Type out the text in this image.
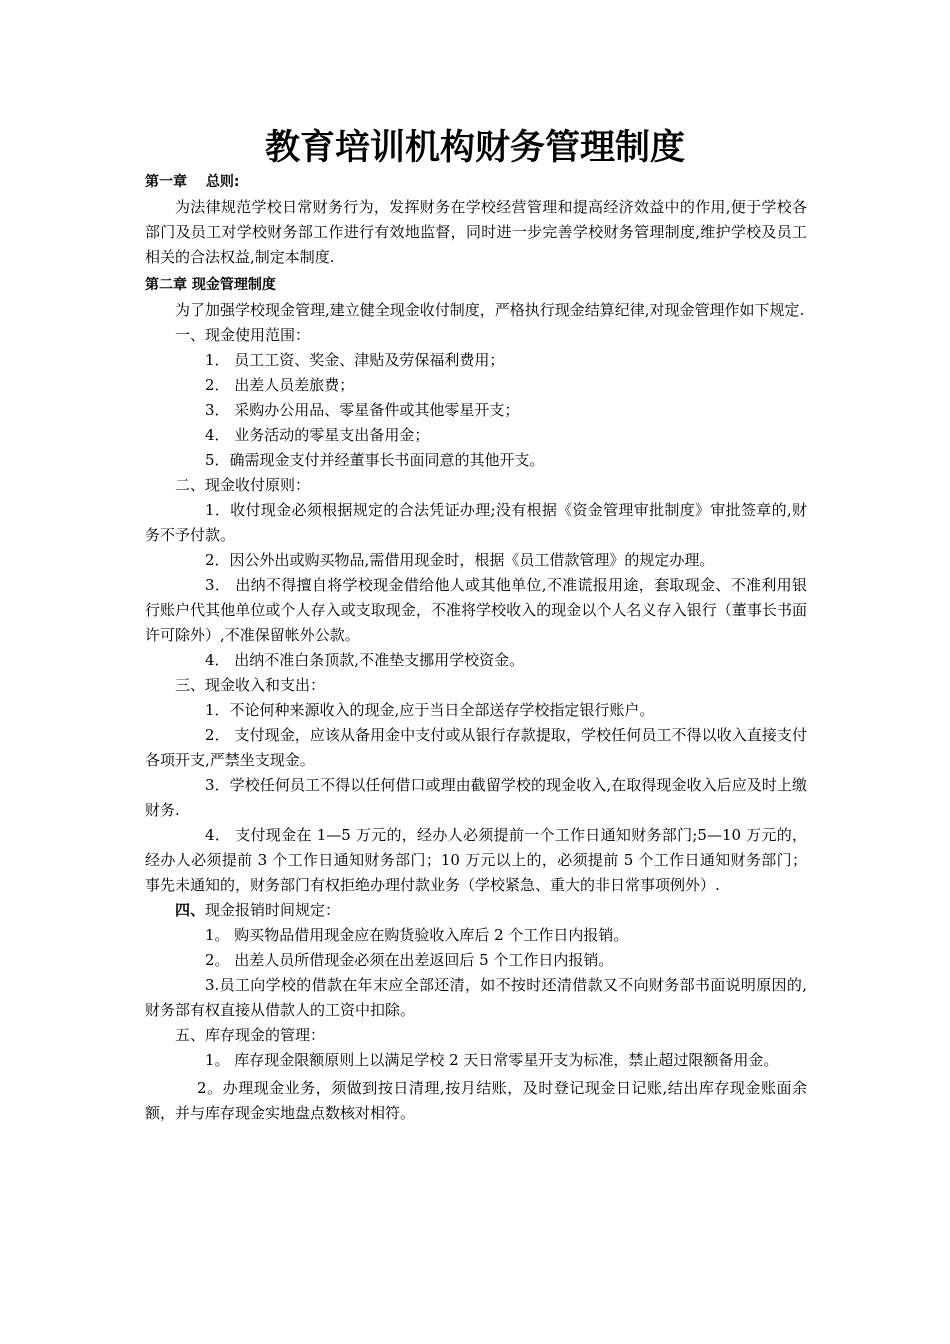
教育培训机构财务管理制度

第一章　 总则:

为法律规范学校日常财务行为，发挥财务在学校经营管理和提高经济效益中的作用,便于学校各部门及员工对学校财务部工作进行有效地监督，同时进一步完善学校财务管理制度,维护学校及员工相关的合法权益,制定本制度.

第二章 现金管理制度

为了加强学校现金管理,建立健全现金收付制度，严格执行现金结算纪律,对现金管理作如下规定.

一、现金使用范围：

1． 员工工资、奖金、津贴及劳保福利费用；

2． 出差人员差旅费；

3． 采购办公用品、零星备件或其他零星开支；

4． 业务活动的零星支出备用金；

5．确需现金支付并经董事长书面同意的其他开支。

二、现金收付原则：

1．收付现金必须根据规定的合法凭证办理;没有根据《资金管理审批制度》审批签章的,财务不予付款。

2．因公外出或购买物品,需借用现金时，根据《员工借款管理》的规定办理。

3． 出纳不得擅自将学校现金借给他人或其他单位,不准谎报用途，套取现金、不准利用银行账户代其他单位或个人存入或支取现金，不准将学校收入的现金以个人名义存入银行（董事长书面许可除外）,不准保留帐外公款。

4． 出纳不准白条顶款,不准垫支挪用学校资金。

三、现金收入和支出：

1．不论何种来源收入的现金,应于当日全部送存学校指定银行账户。

2． 支付现金，应该从备用金中支付或从银行存款提取，学校任何员工不得以收入直接支付各项开支,严禁坐支现金。

3．学校任何员工不得以任何借口或理由截留学校的现金收入,在取得现金收入后应及时上缴财务.

4． 支付现金在 1—5 万元的，经办人必须提前一个工作日通知财务部门;5—10 万元的，经办人必须提前 3 个工作日通知财务部门；10 万元以上的，必须提前 5 个工作日通知财务部门；事先未通知的，财务部门有权拒绝办理付款业务（学校紧急、重大的非日常事项例外）.

四、现金报销时间规定：

1。 购买物品借用现金应在购货验收入库后 2 个工作日内报销。

2。 出差人员所借现金必须在出差返回后 5 个工作日内报销。

3.员工向学校的借款在年末应全部还清，如不按时还清借款又不向财务部书面说明原因的,财务部有权直接从借款人的工资中扣除。

五、库存现金的管理：

1。 库存现金限额原则上以满足学校 2 天日常零星开支为标准，禁止超过限额备用金。

2。办理现金业务，须做到按日清理,按月结账，及时登记现金日记账,结出库存现金账面余额，并与库存现金实地盘点数核对相符。
